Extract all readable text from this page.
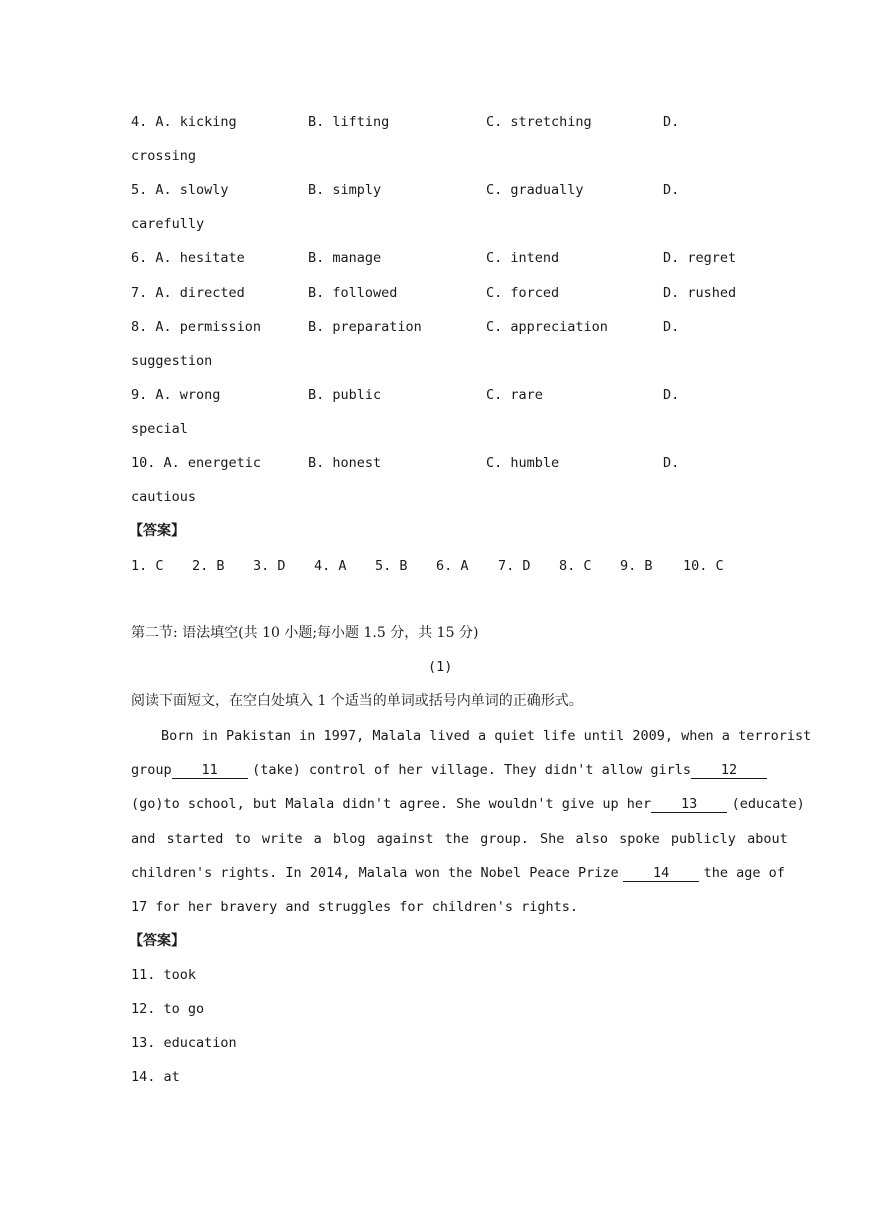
4. A. kicking	B. lifting	C. stretching	D.
crossing
5. A. slowly	B. simply	C. gradually	D.
carefully
6. A. hesitate	B. manage	C. intend	D. regret
7. A. directed	B. followed	C. forced	D. rushed
8. A. permission	B. preparation	C. appreciation	D.
suggestion
9. A. wrong	B. public	C. rare	D.
special
10. A. energetic	B. honest	C. humble	D.
cautious
【答案】
1. C 2. B 3. D 4. A 5. B 6. A 7. D 8. C 9. B 10. C
第二节: 语法填空(共 10 小题;每小题 1.5 分，共 15 分)
(1)
阅读下面短文，在空白处填入 1 个适当的单词或括号内单词的正确形式。
Born in Pakistan in 1997, Malala lived a quiet life until 2009, when a terrorist
group 11	(take) control of her village. They didn't allow girls 12
(go)to school, but Malala didn't agree. She wouldn't give up her 13	(educate)
and started to write a blog against the group. She also spoke publicly about
children's rights. In 2014, Malala won the Nobel Peace Prize	14	the age of
17 for her bravery and struggles for children's rights.
【答案】
11. took
12. to go
13. education
14. at
